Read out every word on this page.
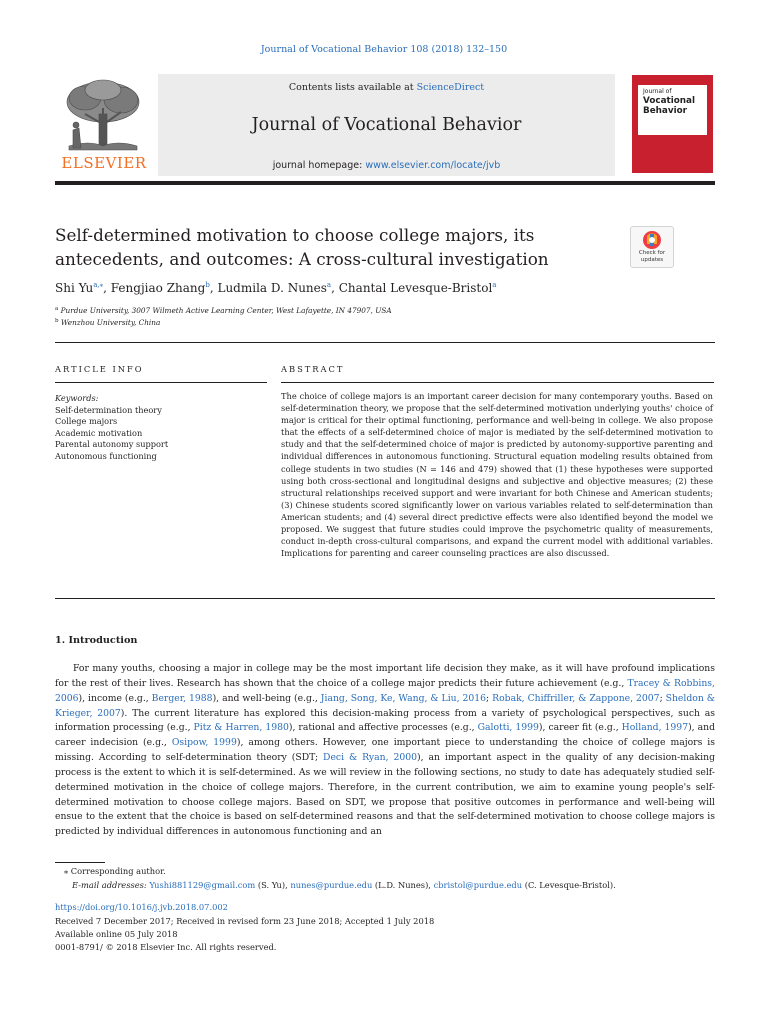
Journal of Vocational Behavior 108 (2018) 132–150
ELSEVIER
Contents lists available at ScienceDirect
Journal of Vocational Behavior
journal homepage: www.elsevier.com/locate/jvb
Journal of
Vocational
Behavior
Self-determined motivation to choose college majors, its
antecedents, and outcomes: A cross-cultural investigation	Check for
updates
Shi $Yu^{a,⁎}$, Fengjiao Zhang$^b$, Ludmila D. Nunes$^a$, Chantal Levesque-Bristol$^a$
$^a$ Purdue University, 3007 Wilmeth Active Learning Center, West Lafayette, IN 47907, USA
$^b$ Wenzhou University, China
ARTICLE INFO	ABSTRACT
Keywords:
Self-determination theory
College majors
Academic motivation
Parental autonomy support
Autonomous functioning
The choice of college majors is an important career decision for many contemporary youths. Based on self-determination theory, we propose that the self-determined motivation underlying youths' choice of major is critical for their optimal functioning, performance and well-being in college. We also propose that the effects of a self-determined choice of major is mediated by the self-determined motivation to study and that the self-determined choice of major is predicted by autonomy-supportive parenting and individual differences in autonomous functioning. Structural equation modeling results obtained from college students in two studies (N = 146 and 479) showed that (1) these hypotheses were supported using both cross-sectional and longitudinal designs and subjective and objective measures; (2) these structural relationships received support and were invariant for both Chinese and American students; (3) Chinese students scored significantly lower on various variables related to self-determination than American students; and (4) several direct predictive effects were also identified beyond the model we proposed. We suggest that future studies could improve the psychometric quality of measurements, conduct in-depth cross-cultural comparisons, and expand the current model with additional variables. Implications for parenting and career counseling practices are also discussed.
1. Introduction
For many youths, choosing a major in college may be the most important life decision they make, as it will have profound implications for the rest of their lives. Research has shown that the choice of a college major predicts their future achievement (e.g., Tracey & Robbins, 2006), income (e.g., Berger, 1988), and well-being (e.g., Jiang, Song, Ke, Wang, & Liu, 2016; Robak, Chiffriller, & Zappone, 2007; Sheldon & Krieger, 2007). The current literature has explored this decision-making process from a variety of psychological perspectives, such as information processing (e.g., Pitz & Harren, 1980), rational and affective processes (e.g., Galotti, 1999), career fit (e.g., Holland, 1997), and career indecision (e.g., Osipow, 1999), among others. However, one important piece to understanding the choice of college majors is missing. According to self-determination theory (SDT; Deci & Ryan, 2000), an important aspect in the quality of any decision-making process is the extent to which it is self-determined. As we will review in the following sections, no study to date has adequately studied self-determined motivation in the choice of college majors. Therefore, in the current contribution, we aim to examine young people's self-determined motivation to choose college majors. Based on SDT, we propose that positive outcomes in performance and well-being will ensue to the extent that the choice is based on self-determined reasons and that the self-determined motivation to choose college majors is predicted by individual differences in autonomous functioning and an
⁎ Corresponding author.
E-mail addresses: Yushi881129@gmail.com (S. Yu), nunes@purdue.edu (L.D. Nunes), cbristol@purdue.edu (C. Levesque-Bristol).
https://doi.org/10.1016/j.jvb.2018.07.002
Received 7 December 2017; Received in revised form 23 June 2018; Accepted 1 July 2018
Available online 05 July 2018
0001-8791/ © 2018 Elsevier Inc. All rights reserved.
